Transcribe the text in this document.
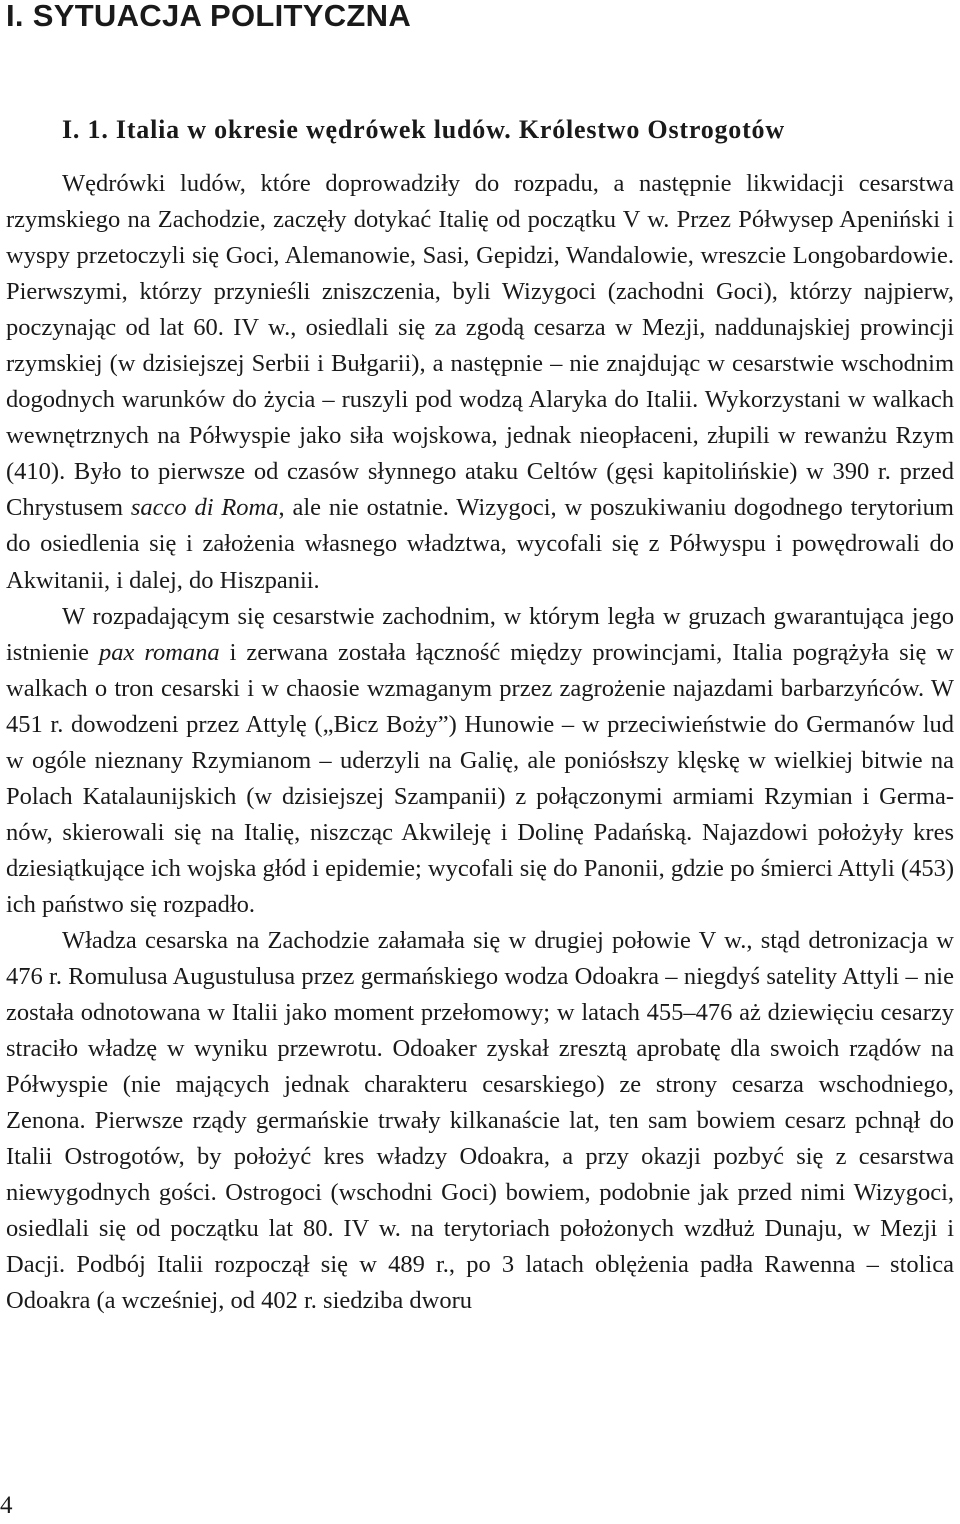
I. SYTUACJA POLITYCZNA
I. 1. Italia w okresie wędrówek ludów. Królestwo Ostrogotów

Wędrówki ludów, które doprowadziły do rozpadu, a następnie likwidacji cesarstwa rzymskiego na Zachodzie, zaczęły dotykać Italię od początku V w. Przez Półwysep Apeniński i wyspy przetoczyli się Goci, Alemanowie, Sasi, Gepidzi, Wandalowie, wreszcie Longobardowie. Pierwszymi, którzy przynieśli zniszczenia, byli Wizygoci (zachodni Goci), którzy najpierw, poczynając od lat 60. IV w., osiedlali się za zgodą cesarza w Mezji, naddunajskiej prowincji rzymskiej (w dzisiejszej Serbii i Bułgarii), a następnie – nie znajdując w cesarstwie wschodnim dogodnych warunków do życia – ruszyli pod wodzą Alaryka do Italii. Wykorzystani w walkach wewnętrznych na Półwyspie jako siła wojskowa, jednak nieopłaceni, złupili w rewanżu Rzym (410). Było to pierwsze od czasów słynnego ataku Celtów (gęsi kapitolińskie) w 390 r. przed Chrystusem sacco di Roma, ale nie ostatnie. Wizygoci, w poszukiwaniu dogodnego terytorium do osiedlenia się i założenia własnego władztwa, wycofali się z Półwyspu i powędrowali do Akwitanii, i dalej, do Hiszpanii.

W rozpadającym się cesarstwie zachodnim, w którym legła w gruzach gwarantująca jego istnienie pax romana i zerwana została łączność między prowincjami, Italia pogrążyła się w walkach o tron cesarski i w chaosie wzmaganym przez zagrożenie najazdami barbarzyńców. W 451 r. dowodzeni przez Attylę („Bicz Boży”) Hunowie – w przeciwieństwie do Germanów lud w ogóle nieznany Rzymianom – uderzyli na Galię, ale poniósłszy klęskę w wielkiej bitwie na Polach Katalaunijskich (w dzisiejszej Szampanii) z połączonymi armiami Rzymian i Germanów, skierowali się na Italię, niszcząc Akwileję i Dolinę Padańską. Najazdowi położyły kres dziesiątkujące ich wojska głód i epidemie; wycofali się do Panonii, gdzie po śmierci Attyli (453) ich państwo się rozpadło.

Władza cesarska na Zachodzie załamała się w drugiej połowie V w., stąd detronizacja w 476 r. Romulusa Augustulusa przez germańskiego wodza Odoakra – niegdyś satelity Attyli – nie została odnotowana w Italii jako moment przełomowy; w latach 455–476 aż dziewięciu cesarzy straciło władzę w wyniku przewrotu. Odoaker zyskał zresztą aprobatę dla swoich rządów na Półwyspie (nie mających jednak charakteru cesarskiego) ze strony cesarza wschodniego, Zenona. Pierwsze rządy germańskie trwały kilkanaście lat, ten sam bowiem cesarz pchnął do Italii Ostrogotów, by położyć kres władzy Odoakra, a przy okazji pozbyć się z cesarstwa niewygodnych gości. Ostrogoci (wschodni Goci) bowiem, podobnie jak przed nimi Wizygoci, osiedlali się od początku lat 80. IV w. na terytoriach położonych wzdłuż Dunaju, w Mezji i Dacji. Podbój Italii rozpoczął się w 489 r., po 3 latach oblężenia padła Rawenna – stolica Odoakra (a wcześniej, od 402 r. siedziba dworu

4
